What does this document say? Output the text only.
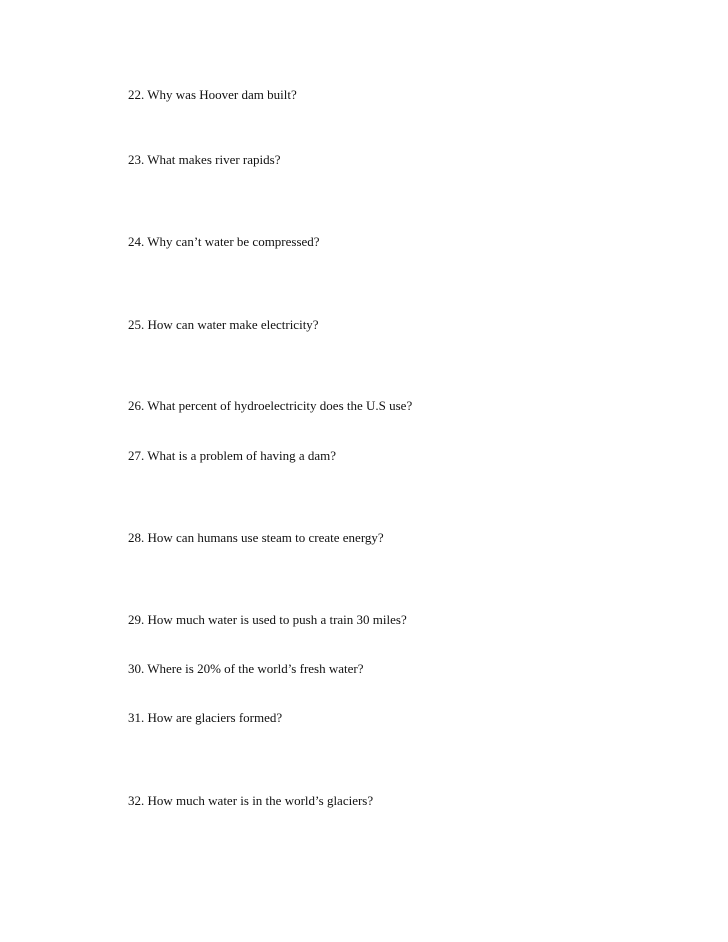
22. Why was Hoover dam built?
23. What makes river rapids?
24. Why can’t water be compressed?
25. How can water make electricity?
26. What percent of hydroelectricity does the U.S use?
27. What is a problem of having a dam?
28. How can humans use steam to create energy?
29. How much water is used to push a train 30 miles?
30. Where is 20% of the world’s fresh water?
31. How are glaciers formed?
32. How much water is in the world’s glaciers?
